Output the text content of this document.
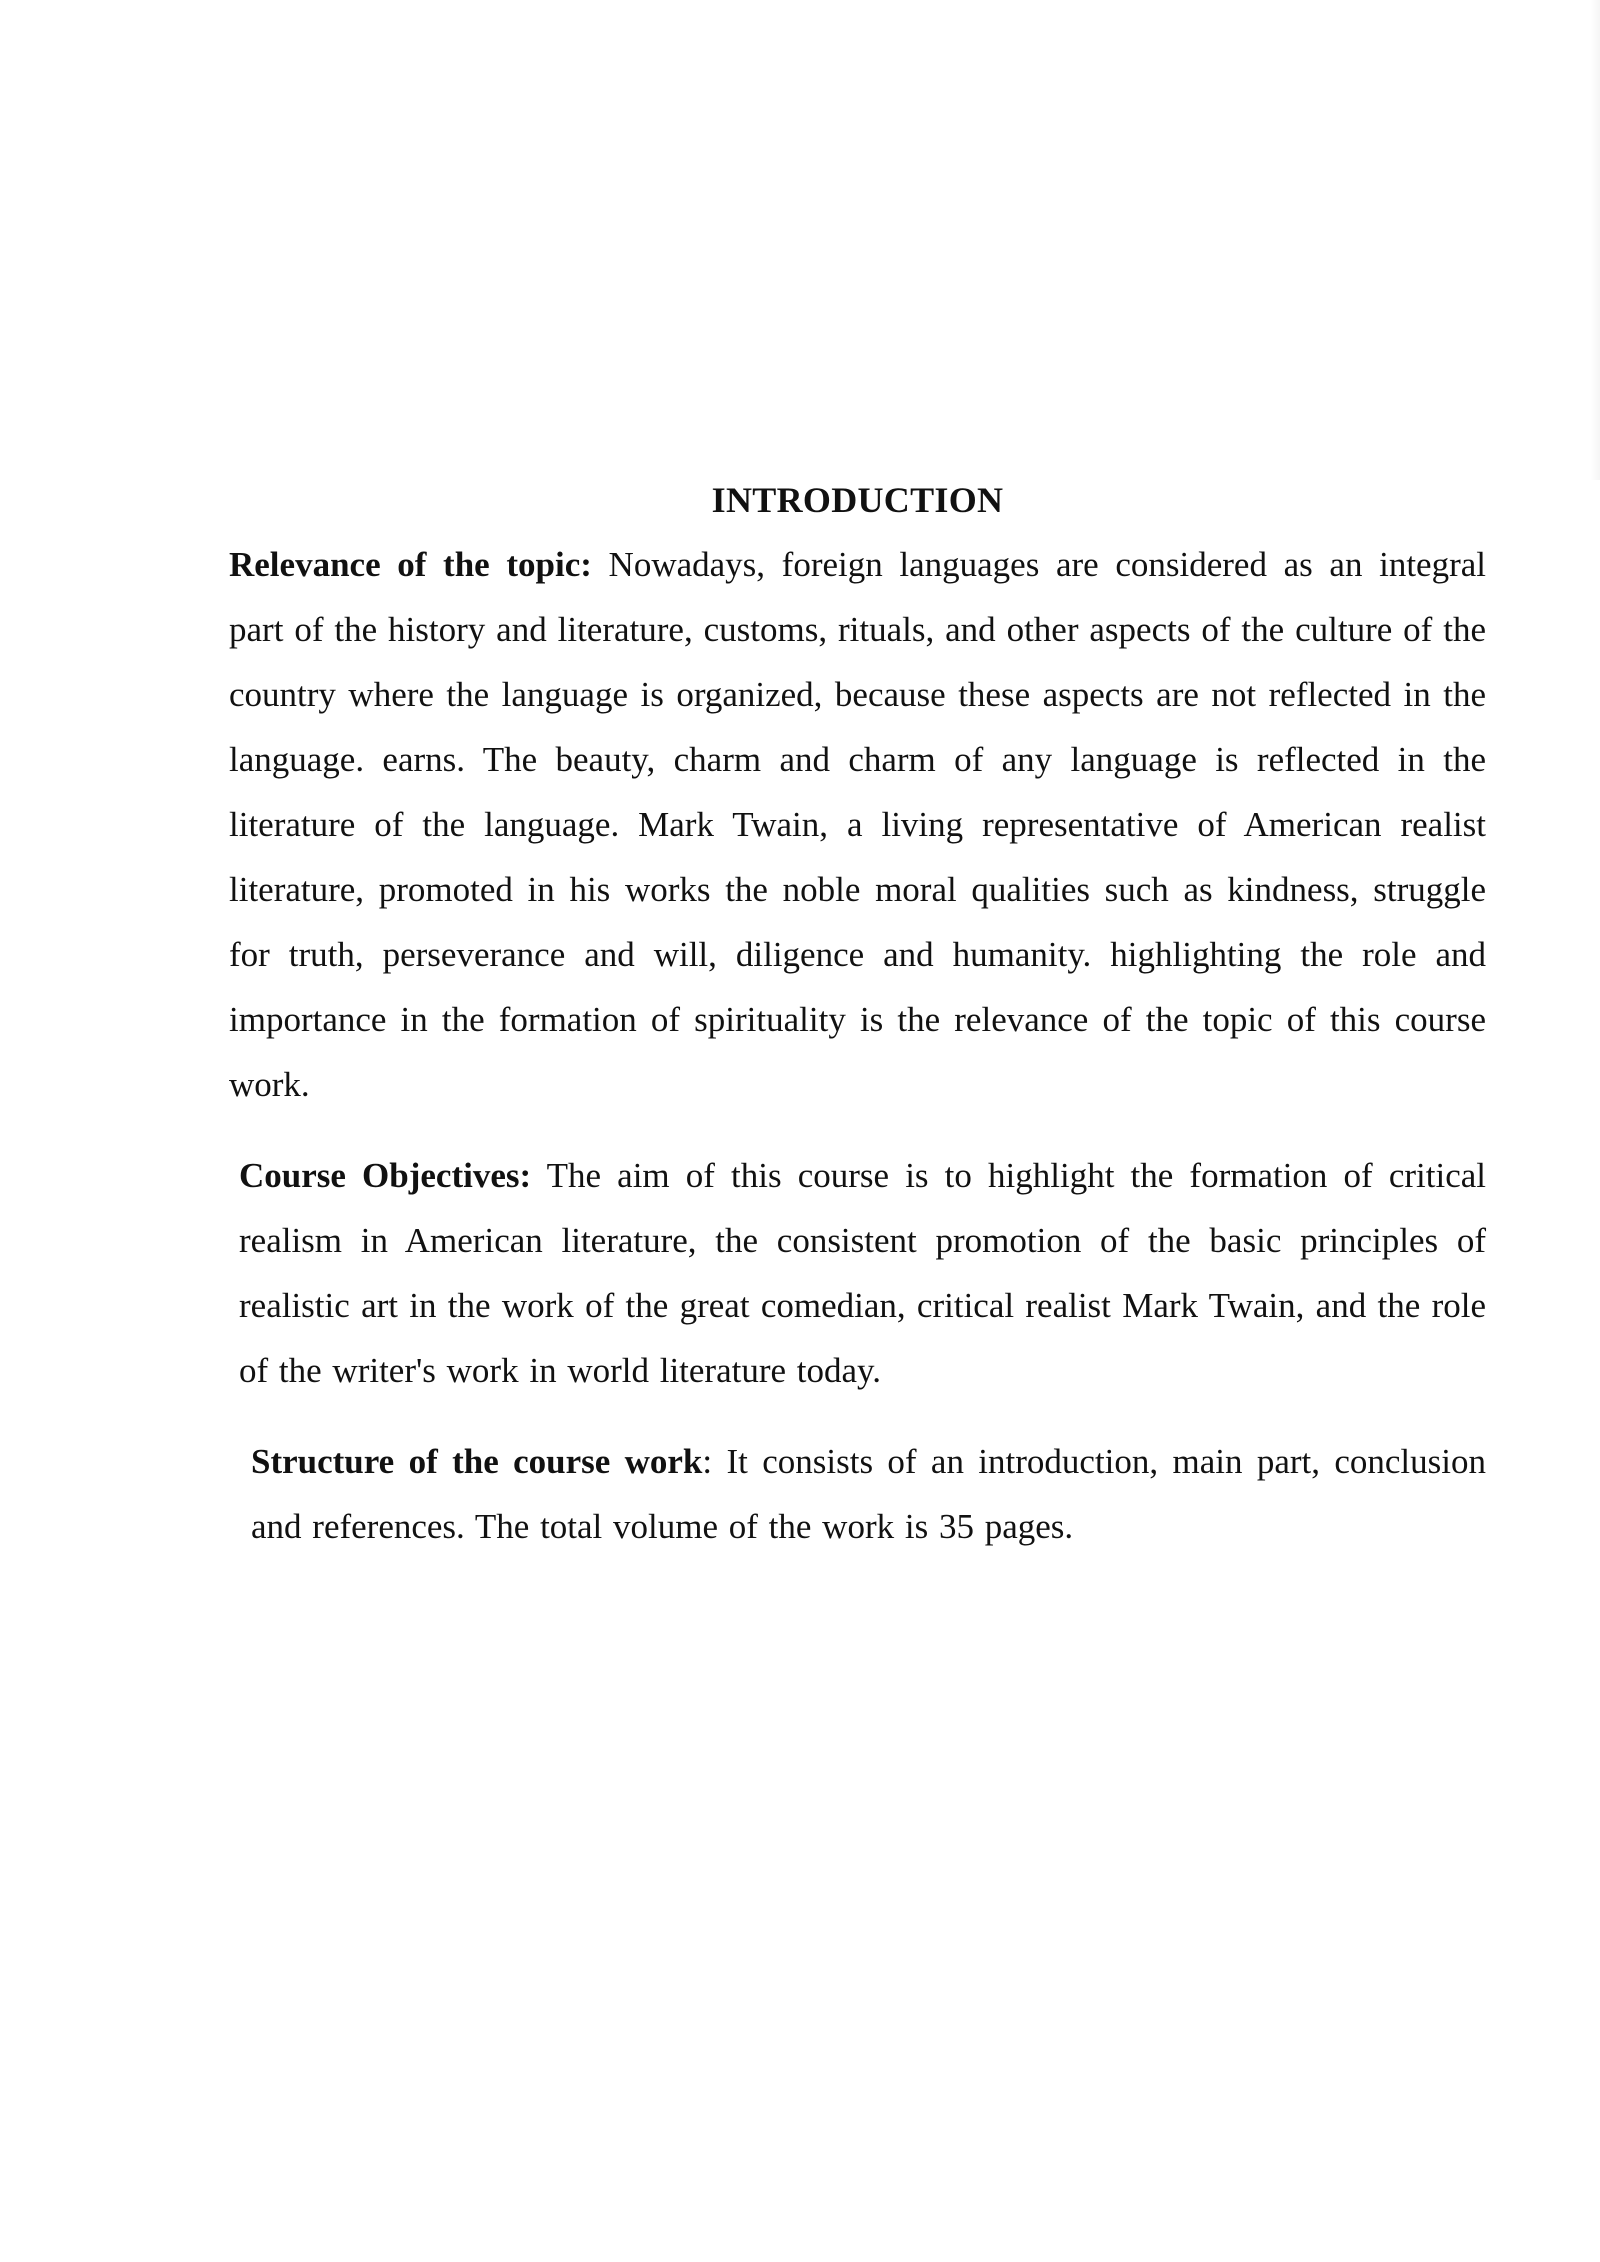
INTRODUCTION

Relevance of the topic: Nowadays, foreign languages are considered as an integral part of the history and literature, customs, rituals, and other aspects of the culture of the country where the language is organized, because these aspects are not reflected in the language. earns. The beauty, charm and charm of any language is reflected in the literature of the language. Mark Twain, a living representative of American realist literature, promoted in his works the noble moral qualities such as kindness, struggle for truth, perseverance and will, diligence and humanity. highlighting the role and importance in the formation of spirituality is the relevance of the topic of this course work.

Course Objectives: The aim of this course is to highlight the formation of critical realism in American literature, the consistent promotion of the basic principles of realistic art in the work of the great comedian, critical realist Mark Twain, and the role of the writer's work in world literature today.

Structure of the course work: It consists of an introduction, main part, conclusion and references. The total volume of the work is 35 pages.
